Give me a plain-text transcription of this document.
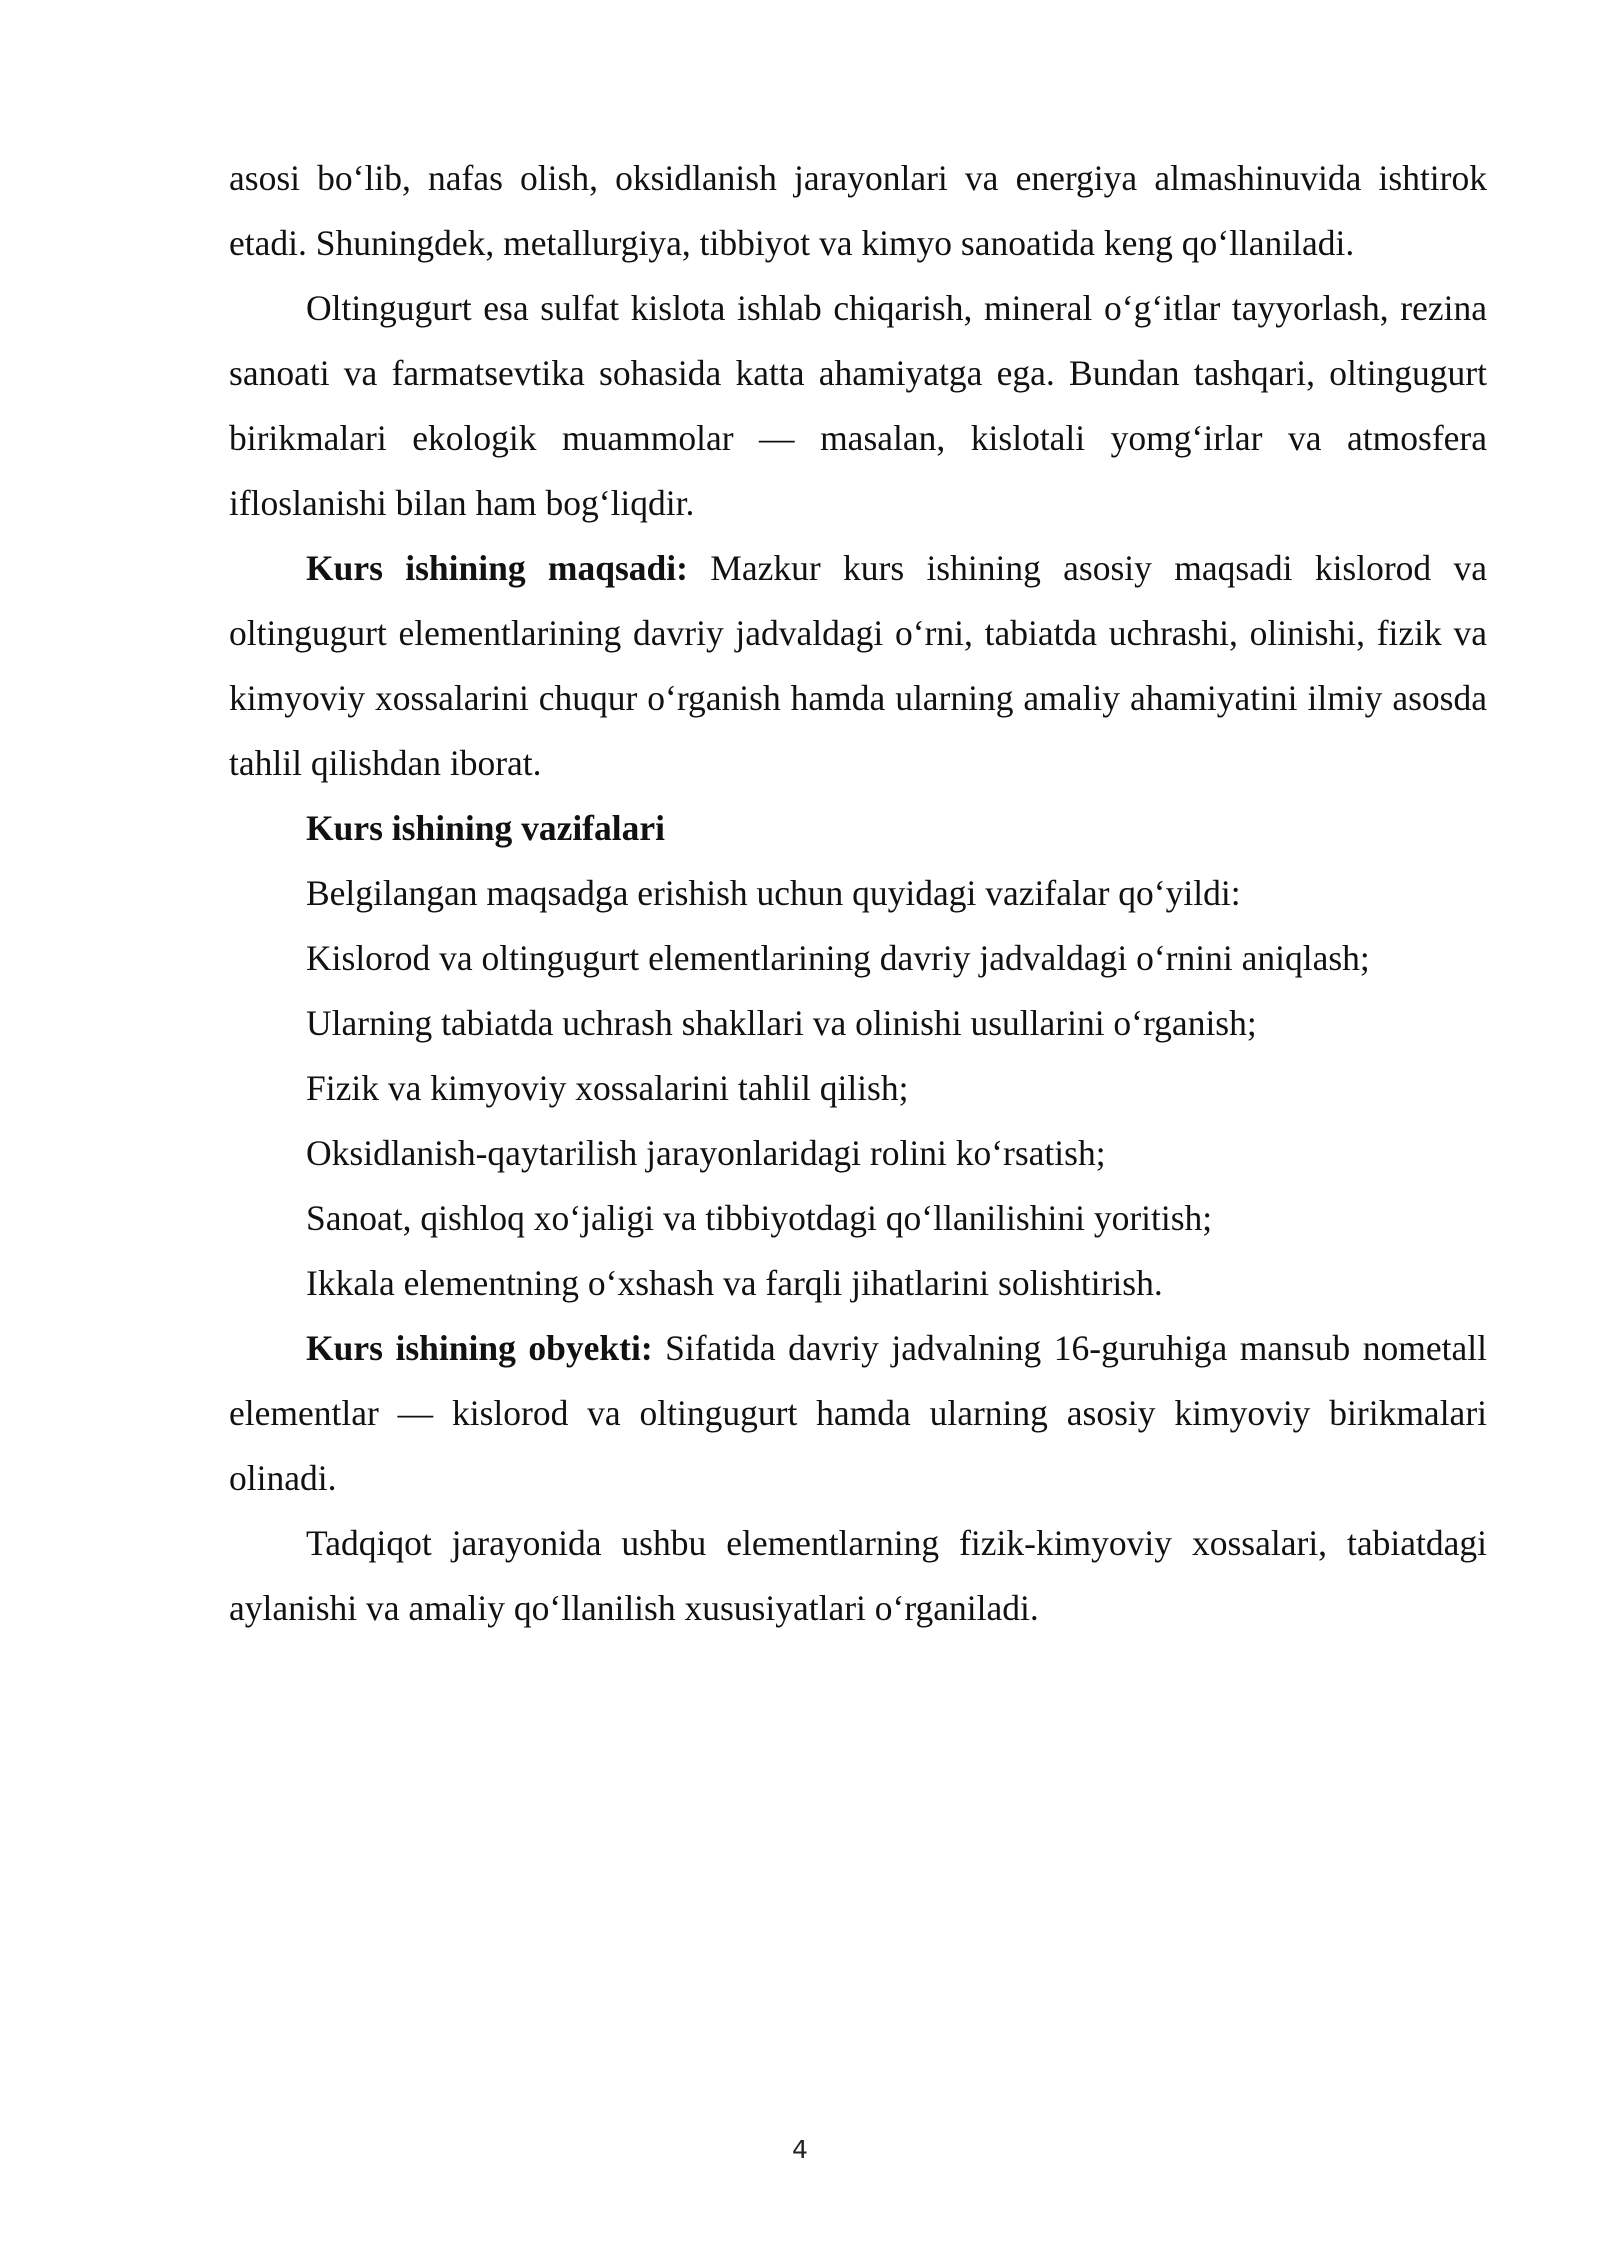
asosi bo‘lib, nafas olish, oksidlanish jarayonlari va energiya almashinuvida ishtirok etadi. Shuningdek, metallurgiya, tibbiyot va kimyo sanoatida keng qo‘llaniladi.

Oltingugurt esa sulfat kislota ishlab chiqarish, mineral o‘g‘itlar tayyorlash, rezina sanoati va farmatsevtika sohasida katta ahamiyatga ega. Bundan tashqari, oltingugurt birikmalari ekologik muammolar — masalan, kislotali yomg‘irlar va atmosfera ifloslanishi bilan ham bog‘liqdir.

Kurs ishining maqsadi: Mazkur kurs ishining asosiy maqsadi kislorod va oltingugurt elementlarining davriy jadvaldagi o‘rni, tabiatda uchrashi, olinishi, fizik va kimyoviy xossalarini chuqur o‘rganish hamda ularning amaliy ahamiyatini ilmiy asosda tahlil qilishdan iborat.

Kurs ishining vazifalari

Belgilangan maqsadga erishish uchun quyidagi vazifalar qo‘yildi:

Kislorod va oltingugurt elementlarining davriy jadvaldagi o‘rnini aniqlash;

Ularning tabiatda uchrash shakllari va olinishi usullarini o‘rganish;

Fizik va kimyoviy xossalarini tahlil qilish;

Oksidlanish-qaytarilish jarayonlaridagi rolini ko‘rsatish;

Sanoat, qishloq xo‘jaligi va tibbiyotdagi qo‘llanilishini yoritish;

Ikkala elementning o‘xshash va farqli jihatlarini solishtirish.

Kurs ishining obyekti: Sifatida davriy jadvalning 16-guruhiga mansub nometall elementlar — kislorod va oltingugurt hamda ularning asosiy kimyoviy birikmalari olinadi.

Tadqiqot jarayonida ushbu elementlarning fizik-kimyoviy xossalari, tabiatdagi aylanishi va amaliy qo‘llanilish xususiyatlari o‘rganiladi.

4
